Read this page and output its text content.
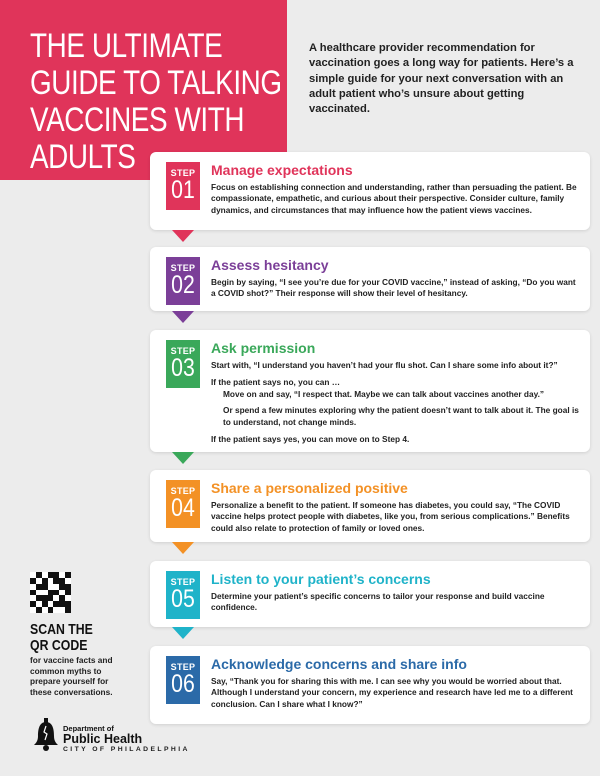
THE ULTIMATE
GUIDE TO TALKING
VACCINES WITH
ADULTS

A healthcare provider recommendation for vaccination goes a long way for patients. Here’s a simple guide for your next conversation with an adult patient who’s unsure about getting vaccinated.

STEP
01
Manage expectations

Focus on establishing connection and understanding, rather than persuading the patient. Be compassionate, empathetic, and curious about their perspective. Consider culture, family dynamics, and circumstances that may influence how the patient views vaccines.

STEP
02
Assess hesitancy

Begin by saying, “I see you’re due for your COVID vaccine,” instead of asking, “Do you want a COVID shot?” Their response will show their level of hesitancy.

STEP
03
Ask permission

Start with, “I understand you haven’t had your flu shot. Can I share some info about it?”

If the patient says no, you can …

Move on and say, “I respect that. Maybe we can talk about vaccines another day.”

Or spend a few minutes exploring why the patient doesn’t want to talk about it. The goal is to understand, not change minds.

If the patient says yes, you can move on to Step 4.

STEP
04
Share a personalized positive

Personalize a benefit to the patient. If someone has diabetes, you could say, “The COVID vaccine helps protect people with diabetes, like you, from serious complications.” Benefits could also relate to protection of family or loved ones.

STEP
05
Listen to your patient’s concerns

Determine your patient’s specific concerns to tailor your response and build vaccine confidence.

STEP
06
Acknowledge concerns and share info

Say, “Thank you for sharing this with me. I can see why you would be worried about that. Although I understand your concern, my experience and research have led me to a different conclusion. Can I share what I know?”

SCAN THE
QR CODE

for vaccine facts and common myths to prepare yourself for these conversations.

Department of

Public Health

CITY OF PHILADELPHIA
